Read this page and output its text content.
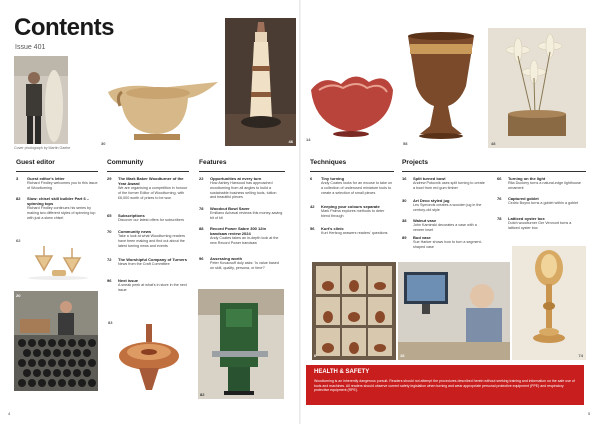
Contents
Issue 401
Cover photograph by Martin Gaebe
30	46	14
58	48
Guest editor	Community	Features	Techniques	Projects
3 Guest editor's letter
Richard Findley welcomes you to this issue of Woodturning
82 Slow: chisel skill builder Part 6 – spinning tops
Richard Findley continues his series by making two different styles of spinning top with just a skew chisel
62
20
29 The Mark Baker Woodturner of the Year Award
We are organising a competition in honour of the former Editor of Woodturning, with £6,000 worth of prizes to be won
65 Subscriptions
Discover our latest offers for subscribers
70 Community news
Take a look at what Woodturning readers have been making and find out about the latest turning news and events
72 The Worshipful Company of Turners
News from the Craft Committee
96 Next issue
A sneak peek at what's in store in the next issue
83
22 Opportunities at every turn
How Ashley Harwood has approached woodturning from all angles to build a sustainable business selling tools, tuition and beautiful pieces
78 Woodcut Bowl Saver
Emiliano Achaval reviews this money-saving bit of kit
88 Record Power Sabre 300 12in bandsaw review 2024
Andy Coates takes an in-depth look at the new Record Power bandsaw
96 Assessing worth
Peter Kovacsoff duly asks: 'Is value based on skill, quality, persona, or time?'
82
6 Tiny turning
Andy Coates looks for an excuse to take on a collection of underused miniature tools to create a selection of small pieces
42 Keeping your colours separate
Mark Palma explores methods to deter blend through
56 Kurt's clinic
Kurt Hertzog answers readers' questions
16 Split turned bowl
Andrew Potocnik uses split turning to create a bowl from red gum timber
30 Art Deco styled jug
Les Symonds creates a wooden jug in the century-old style
38 Walnut vase
John Kaminski decorates a vase with a veneer inset
89 Bud vase
Sue Harker shows how to turn a segment-shaped vase
66 Turning on the light
Rita Duckery turns a natural-edge lighthouse ornament
76 Captured goblet
Cedric Boyno turns a goblet within a goblet
78 Latticed oyster box
Dutch woodturner Ger Vervoort turns a latticed oyster box
6	16	74
HEALTH & SAFETY
Woodturning is an inherently dangerous pursuit. Readers should not attempt the procedures described herein without seeking training and information on the safe use of tools and machines. All readers should observe current safety legislation when turning and wear appropriate personal protective equipment (PPE) and respiratory protective equipment (RPE).
4	5
